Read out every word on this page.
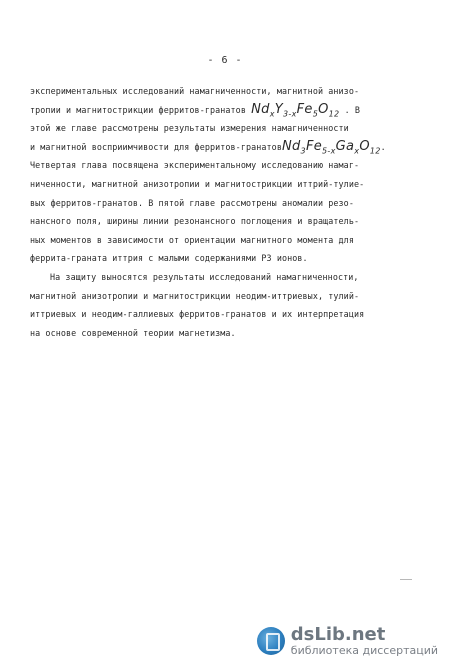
- 6 -
экспериментальных исследований намагниченности, магнитной анизо-
тропии и магнитострикции ферритов-гранатов $Nd_xY_{3-x}Fe_5O_{12}$ . В
этой же главе рассмотрены результаты измерения намагниченности
и магнитной восприимчивости для ферритов-$гранатовNd_3Fe_{5-x}Ga_xO_{12}$.
Четвертая глава посвящена экспериментальному исследованию намаг-
ниченности, магнитной анизотропии и магнитострикции иттрий-тулие-
вых ферритов-гранатов. В пятой главе рассмотрены аномалии резо-
нансного поля, ширины линии резонансного поглощения и вращатель-
ных моментов в зависимости от ориентации магнитного момента для
феррита-граната иттрия с малыми содержаниями РЗ ионов.
На защиту выносятся результаты исследований намагниченности,
магнитной анизотропии и магнитострикции неодим-иттриевых, тулий-
иттриевых и неодим-галлиевых ферритов-гранатов и их интерпретация
на основе современной теории магнетизма.
dsLib.net
библиотека диссертаций
